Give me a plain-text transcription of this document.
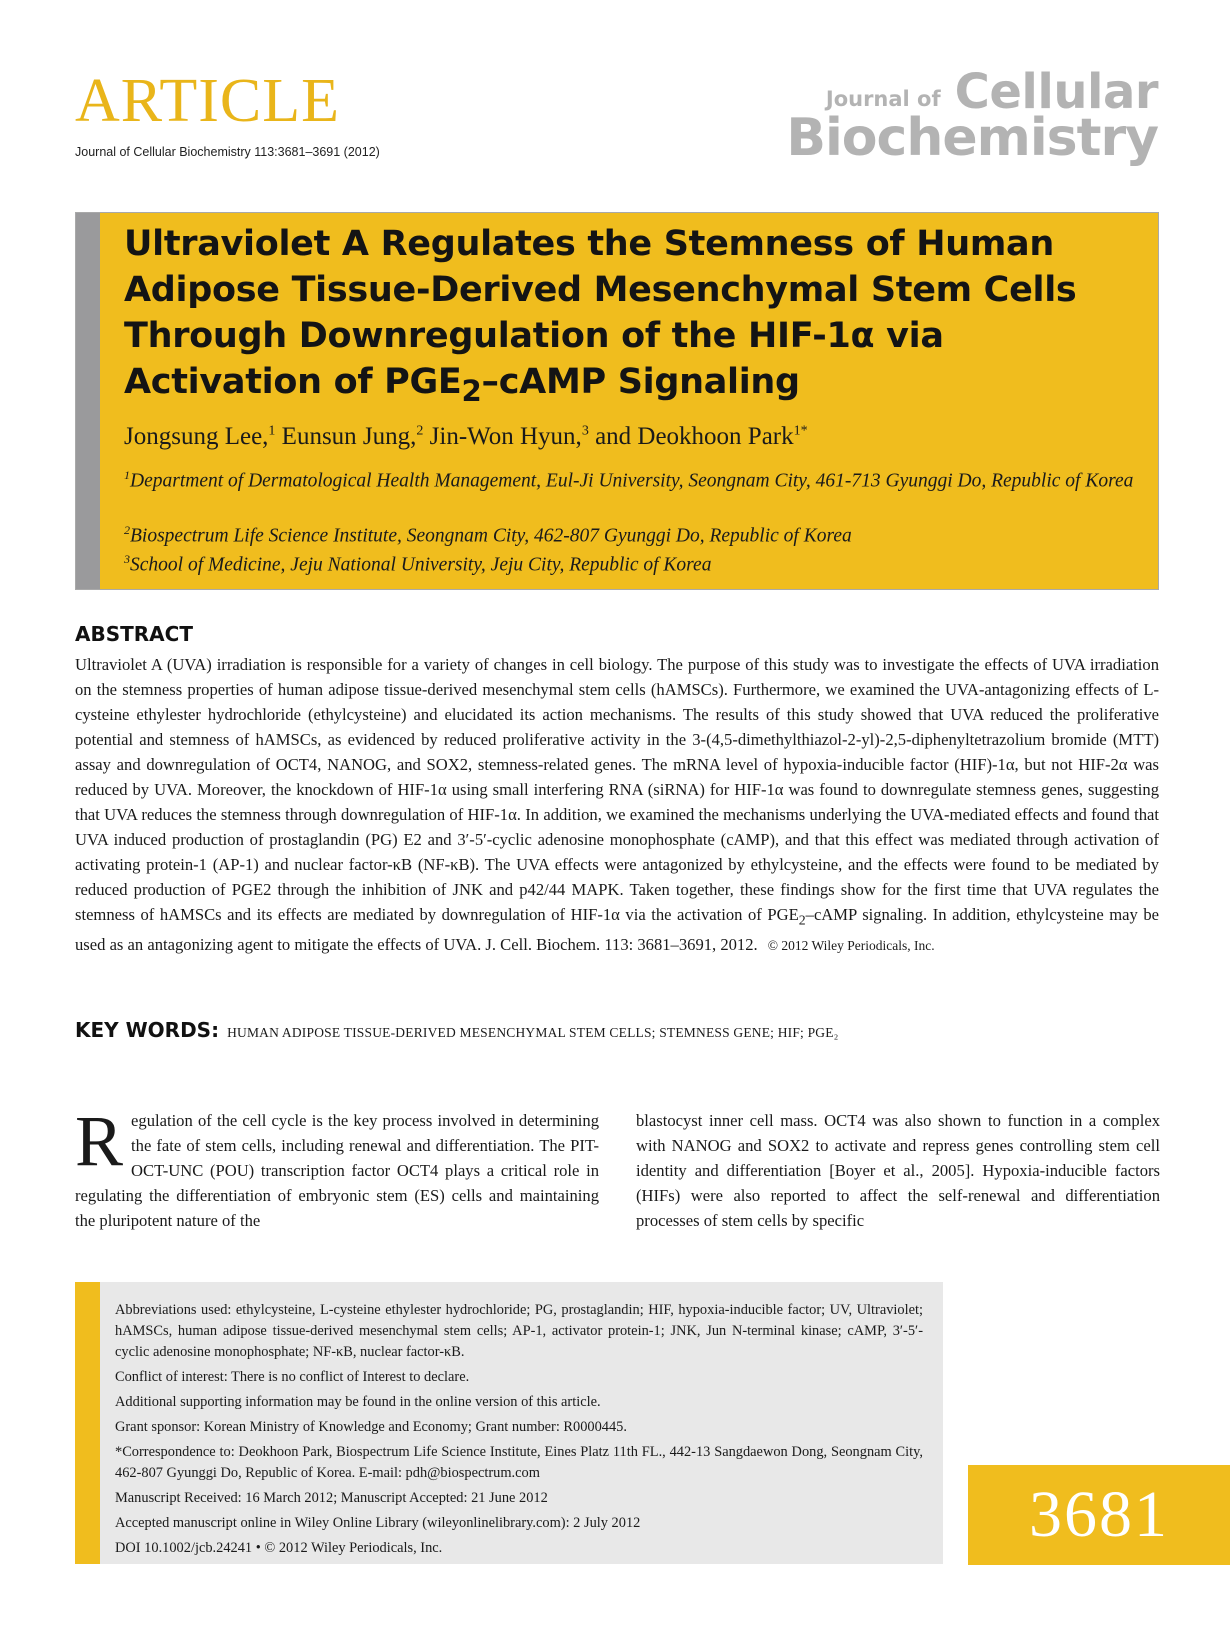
ARTICLE
Journal of Cellular Biochemistry 113:3681–3691 (2012)
Journal of Cellular
Biochemistry
Ultraviolet A Regulates the Stemness of Human
Adipose Tissue-Derived Mesenchymal Stem Cells
Through Downregulation of the HIF-1α via
Activation of $PGE_2$–cAMP Signaling
Jongsung Lee,$^1$ Eunsun Jung,$^2$ Jin-Won Hyun,$^3$ and Deokhoon Park$^{1*}$
$^1$Department of Dermatological Health Management, Eul-Ji University, Seongnam City, 461-713 Gyunggi Do, Republic of Korea
$^2$Biospectrum Life Science Institute, Seongnam City, 462-807 Gyunggi Do, Republic of Korea
$^3$School of Medicine, Jeju National University, Jeju City, Republic of Korea
ABSTRACT
Ultraviolet A (UVA) irradiation is responsible for a variety of changes in cell biology. The purpose of this study was to investigate the effects of UVA irradiation on the stemness properties of human adipose tissue-derived mesenchymal stem cells (hAMSCs). Furthermore, we examined the UVA-antagonizing effects of L-cysteine ethylester hydrochloride (ethylcysteine) and elucidated its action mechanisms. The results of this study showed that UVA reduced the proliferative potential and stemness of hAMSCs, as evidenced by reduced proliferative activity in the 3-(4,5-dimethylthiazol-2-yl)-2,5-diphenyltetrazolium bromide (MTT) assay and downregulation of OCT4, NANOG, and SOX2, stemness-related genes. The mRNA level of hypoxia-inducible factor (HIF)-1α, but not HIF-2α was reduced by UVA. Moreover, the knockdown of HIF-1α using small interfering RNA (siRNA) for HIF-1α was found to downregulate stemness genes, suggesting that UVA reduces the stemness through downregulation of HIF-1α. In addition, we examined the mechanisms underlying the UVA-mediated effects and found that UVA induced production of prostaglandin (PG) E2 and 3′-5′-cyclic adenosine monophosphate (cAMP), and that this effect was mediated through activation of activating protein-1 (AP-1) and nuclear factor-κB (NF-κB). The UVA effects were antagonized by ethylcysteine, and the effects were found to be mediated by reduced production of PGE2 through the inhibition of JNK and p42/44 MAPK. Taken together, these findings show for the first time that UVA regulates the stemness of hAMSCs and its effects are mediated by downregulation of HIF-1α via the activation of $PGE_2$–cAMP signaling. In addition, ethylcysteine may be used as an antagonizing agent to mitigate the effects of UVA. J. Cell. Biochem. 113: 3681–3691, 2012. © 2012 Wiley Periodicals, Inc.
KEY WORDS: HUMAN ADIPOSE TISSUE-DERIVED MESENCHYMAL STEM CELLS; STEMNESS GENE; HIF; PGE₂
Regulation of the cell cycle is the key process involved in determining the fate of stem cells, including renewal and differentiation. The PIT-OCT-UNC (POU) transcription factor OCT4 plays a critical role in regulating the differentiation of embryonic stem (ES) cells and maintaining the pluripotent nature of the
blastocyst inner cell mass. OCT4 was also shown to function in a complex with NANOG and SOX2 to activate and repress genes controlling stem cell identity and differentiation [Boyer et al., 2005]. Hypoxia-inducible factors (HIFs) were also reported to affect the self-renewal and differentiation processes of stem cells by specific

Abbreviations used: ethylcysteine, L-cysteine ethylester hydrochloride; PG, prostaglandin; HIF, hypoxia-inducible factor; UV, Ultraviolet; hAMSCs, human adipose tissue-derived mesenchymal stem cells; AP-1, activator protein-1; JNK, Jun N-terminal kinase; cAMP, 3′-5′-cyclic adenosine monophosphate; NF-κB, nuclear factor-κB.

Conflict of interest: There is no conflict of Interest to declare.

Additional supporting information may be found in the online version of this article.

Grant sponsor: Korean Ministry of Knowledge and Economy; Grant number: R0000445.

*Correspondence to: Deokhoon Park, Biospectrum Life Science Institute, Eines Platz 11th FL., 442-13 Sangdaewon Dong, Seongnam City, 462-807 Gyunggi Do, Republic of Korea. E-mail: pdh@biospectrum.com

Manuscript Received: 16 March 2012; Manuscript Accepted: 21 June 2012

Accepted manuscript online in Wiley Online Library (wileyonlinelibrary.com): 2 July 2012

DOI 10.1002/jcb.24241 • © 2012 Wiley Periodicals, Inc.	3681
